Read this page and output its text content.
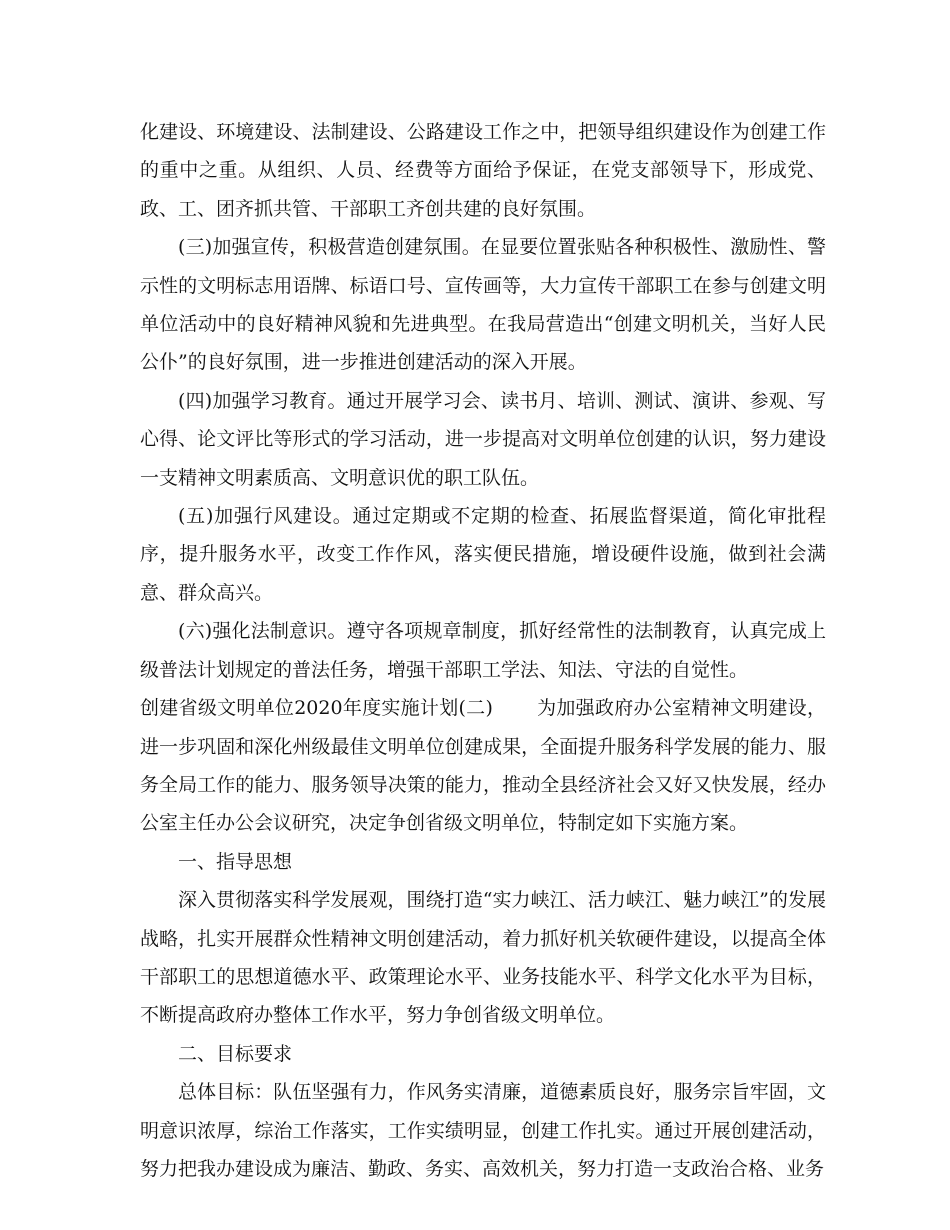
化建设、环境建设、法制建设、公路建设工作之中，把领导组织建设作为创建工作的重中之重。从组织、人员、经费等方面给予保证，在党支部领导下，形成党、政、工、团齐抓共管、干部职工齐创共建的良好氛围。

(三)加强宣传，积极营造创建氛围。在显要位置张贴各种积极性、激励性、警示性的文明标志用语牌、标语口号、宣传画等，大力宣传干部职工在参与创建文明单位活动中的良好精神风貌和先进典型。在我局营造出“创建文明机关，当好人民公仆”的良好氛围，进一步推进创建活动的深入开展。

(四)加强学习教育。通过开展学习会、读书月、培训、测试、演讲、参观、写心得、论文评比等形式的学习活动，进一步提高对文明单位创建的认识，努力建设一支精神文明素质高、文明意识优的职工队伍。

(五)加强行风建设。通过定期或不定期的检查、拓展监督渠道，简化审批程序，提升服务水平，改变工作作风，落实便民措施，增设硬件设施，做到社会满意、群众高兴。

(六)强化法制意识。遵守各项规章制度，抓好经常性的法制教育，认真完成上级普法计划规定的普法任务，增强干部职工学法、知法、守法的自觉性。

创建省级文明单位2020年度实施计划(二) 为加强政府办公室精神文明建设，进一步巩固和深化州级最佳文明单位创建成果，全面提升服务科学发展的能力、服务全局工作的能力、服务领导决策的能力，推动全县经济社会又好又快发展，经办公室主任办公会议研究，决定争创省级文明单位，特制定如下实施方案。

一、指导思想

深入贯彻落实科学发展观，围绕打造“实力峡江、活力峡江、魅力峡江”的发展战略，扎实开展群众性精神文明创建活动，着力抓好机关软硬件建设，以提高全体干部职工的思想道德水平、政策理论水平、业务技能水平、科学文化水平为目标，不断提高政府办整体工作水平，努力争创省级文明单位。

二、目标要求

总体目标：队伍坚强有力，作风务实清廉，道德素质良好，服务宗旨牢固，文明意识浓厚，综治工作落实，工作实绩明显，创建工作扎实。通过开展创建活动，努力把我办建设成为廉洁、勤政、务实、高效机关，努力打造一支政治合格、业务
